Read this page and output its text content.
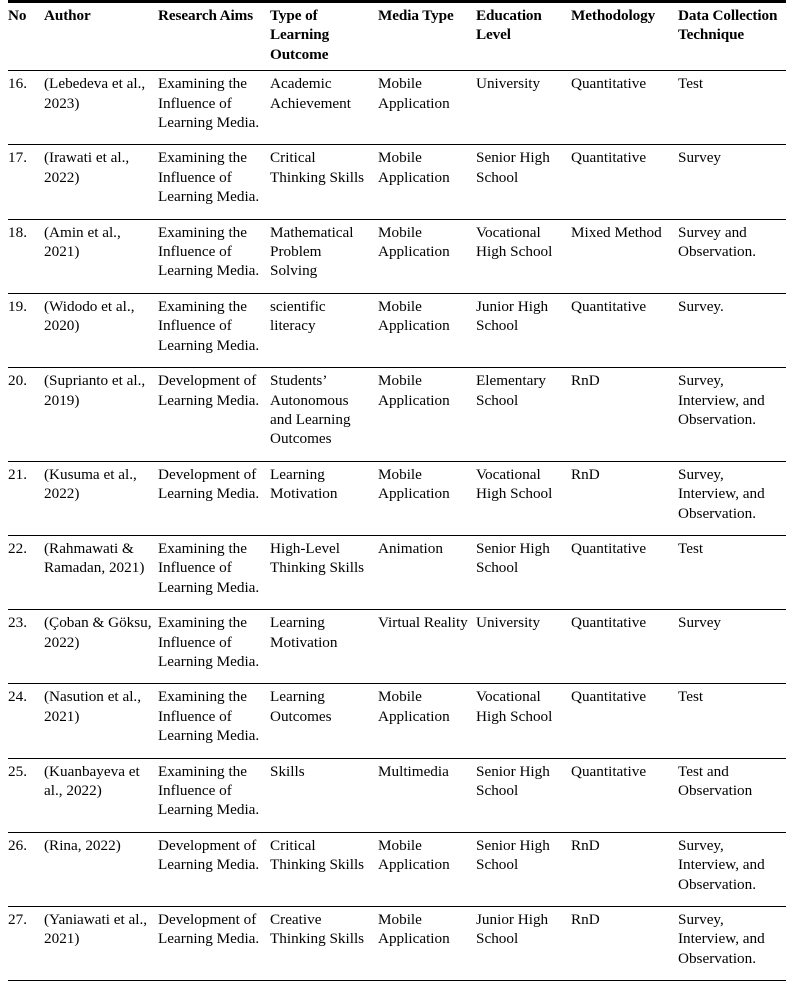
No	Author	Research Aims	Type of Learning Outcome	Media Type	Education Level	Methodology	Data Collection Technique
16.	(Lebedeva et al., 2023)	Examining the Influence of Learning Media.	Academic Achievement	Mobile Application	University	Quantitative	Test
17.	(Irawati et al., 2022)	Examining the Influence of Learning Media.	Critical Thinking Skills	Mobile Application	Senior High School	Quantitative	Survey
18.	(Amin et al., 2021)	Examining the Influence of Learning Media.	Mathematical Problem Solving	Mobile Application	Vocational High School	Mixed Method	Survey and Observation.
19.	(Widodo et al., 2020)	Examining the Influence of Learning Media.	scientific literacy	Mobile Application	Junior High School	Quantitative	Survey.
20.	(Suprianto et al., 2019)	Development of Learning Media.	Students’ Autonomous and Learning Outcomes	Mobile Application	Elementary School	RnD	Survey, Interview, and Observation.
21.	(Kusuma et al., 2022)	Development of Learning Media.	Learning Motivation	Mobile Application	Vocational High School	RnD	Survey, Interview, and Observation.
22.	(Rahmawati & Ramadan, 2021)	Examining the Influence of Learning Media.	High-Level Thinking Skills	Animation	Senior High School	Quantitative	Test
23.	(Çoban & Göksu, 2022)	Examining the Influence of Learning Media.	Learning Motivation	Virtual Reality	University	Quantitative	Survey
24.	(Nasution et al., 2021)	Examining the Influence of Learning Media.	Learning Outcomes	Mobile Application	Vocational High School	Quantitative	Test
25.	(Kuanbayeva et al., 2022)	Examining the Influence of Learning Media.	Skills	Multimedia	Senior High School	Quantitative	Test and Observation
26.	(Rina, 2022)	Development of Learning Media.	Critical Thinking Skills	Mobile Application	Senior High School	RnD	Survey, Interview, and Observation.
27.	(Yaniawati et al., 2021)	Development of Learning Media.	Creative Thinking Skills	Mobile Application	Junior High School	RnD	Survey, Interview, and Observation.
